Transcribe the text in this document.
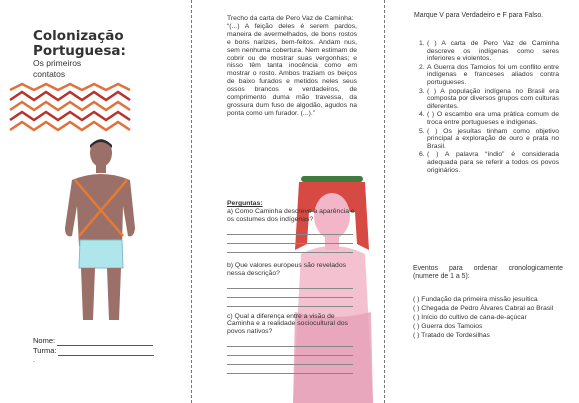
Colonização
Portuguesa:
Os primeiros
contatos
Nome:
Turma:
.
Trecho da carta de Pero Vaz de Caminha:
“(...) A feição deles é serem pardos, maneira de avermelhados, de bons rostos e bons narizes, bem-feitos. Andam nus, sem nenhuma cobertura. Nem estimam de cobrir ou de mostrar suas vergonhas; e nisso têm tanta inocência como em mostrar o rosto. Ambos traziam os beiços de baixo furados e metidos neles seus ossos brancos e verdadeiros, de comprimento duma mão travessa, da grossura dum fuso de algodão, agudos na ponta como um furador. (...).”
Perguntas:
a) Como Caminha descreve a aparência e os costumes dos indígenas?
b) Que valores europeus são revelados nessa descrição?
c) Qual a diferença entre a visão de Caminha e a realidade sociocultural dos povos nativos?
Marque V para Verdadeiro e F para Falso.
1. ( ) A carta de Pero Vaz de Caminha descreve os indígenas como seres inferiores e violentos.
2. A Guerra dos Tamoios foi um conflito entre indígenas e franceses aliados contra portugueses.
3. ( ) A população indígena no Brasil era composta por diversos grupos com culturas diferentes.
4. ( ) O escambo era uma prática comum de troca entre portugueses e indígenas.
5. ( ) Os jesuítas tinham como objetivo principal a exploração de ouro e prata no Brasil.
6. ( ) A palavra “índio” é considerada adequada para se referir a todos os povos originários.
Eventos para ordenar cronologicamente (numere de 1 a 5):
( ) Fundação da primeira missão jesuítica
( ) Chegada de Pedro Álvares Cabral ao Brasil
( ) Início do cultivo de cana-de-açúcar
( ) Guerra dos Tamoios
( ) Tratado de Tordesilhas
